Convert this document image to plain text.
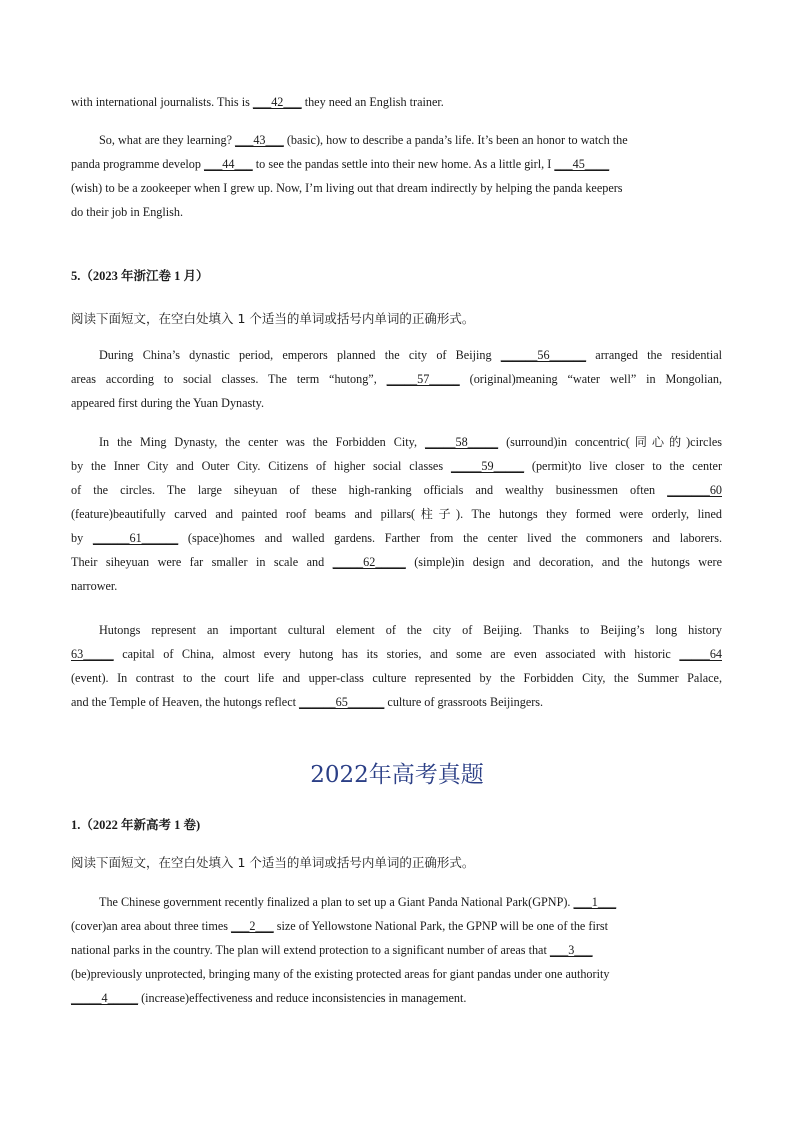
with international journalists. This is ___42___ they need an English trainer.

So, what are they learning? ___43___ (basic), how to describe a panda’s life. It’s been an honor to watch the
panda programme develop ___44___ to see the pandas settle into their new home. As a little girl, I ___45____
(wish) to be a zookeeper when I grew up. Now, I’m living out that dream indirectly by helping the panda keepers
do their job in English.

5.（2023 年浙江卷 1 月）

阅读下面短文，在空白处填入 1 个适当的单词或括号内单词的正确形式。

During China’s dynastic period, emperors planned the city of Beijing ______56______ arranged the residential
areas according to social classes. The term “hutong”, _____57_____ (original)meaning “water well” in Mongolian,
appeared first during the Yuan Dynasty.

In the Ming Dynasty, the center was the Forbidden City, _____58_____ (surround)in concentric(同心的)circles
by the Inner City and Outer City. Citizens of higher social classes _____59_____ (permit)to live closer to the center
of the circles. The large siheyuan of these high-ranking officials and wealthy businessmen often _______60
(feature)beautifully carved and painted roof beams and pillars(柱子). The hutongs they formed were orderly, lined
by ______61______ (space)homes and walled gardens. Farther from the center lived the commoners and laborers.
Their siheyuan were far smaller in scale and _____62_____ (simple)in design and decoration, and the hutongs were
narrower.

Hutongs represent an important cultural element of the city of Beijing. Thanks to Beijing’s long history
63_____ capital of China, almost every hutong has its stories, and some are even associated with historic _____64
(event). In contrast to the court life and upper-class culture represented by the Forbidden City, the Summer Palace,
and the Temple of Heaven, the hutongs reflect ______65______ culture of grassroots Beijingers.

2022年高考真题

1.（2022 年新高考 1 卷)

阅读下面短文，在空白处填入 1 个适当的单词或括号内单词的正确形式。

The Chinese government recently finalized a plan to set up a Giant Panda National Park(GPNP). ___1___
(cover)an area about three times ___2___ size of Yellowstone National Park, the GPNP will be one of the first
national parks in the country. The plan will extend protection to a significant number of areas that ___3___
(be)previously unprotected, bringing many of the existing protected areas for giant pandas under one authority
_____4_____ (increase)effectiveness and reduce inconsistencies in management.
